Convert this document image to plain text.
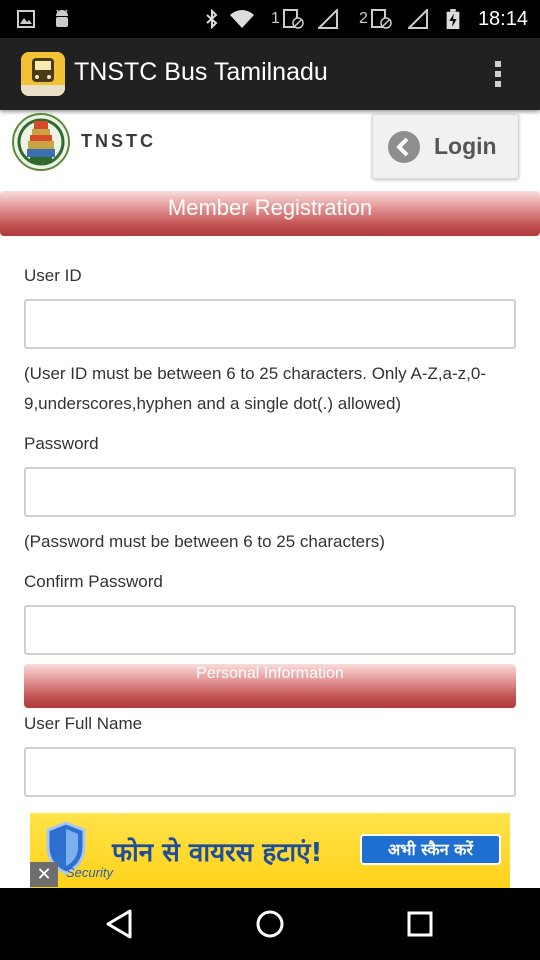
1	2	18:14
TNSTC Bus Tamilnadu
TNSTC	Login
Member Registration
User ID
(User ID must be between 6 to 25 characters. Only A-Z,a-z,0-9,underscores,hyphen and a single dot(.) allowed)
Password
(Password must be between 6 to 25 characters)
Confirm Password
Personal Information
User Full Name
Security
फोन से वायरस हटाएं!	अभी स्कैन करें
✕
